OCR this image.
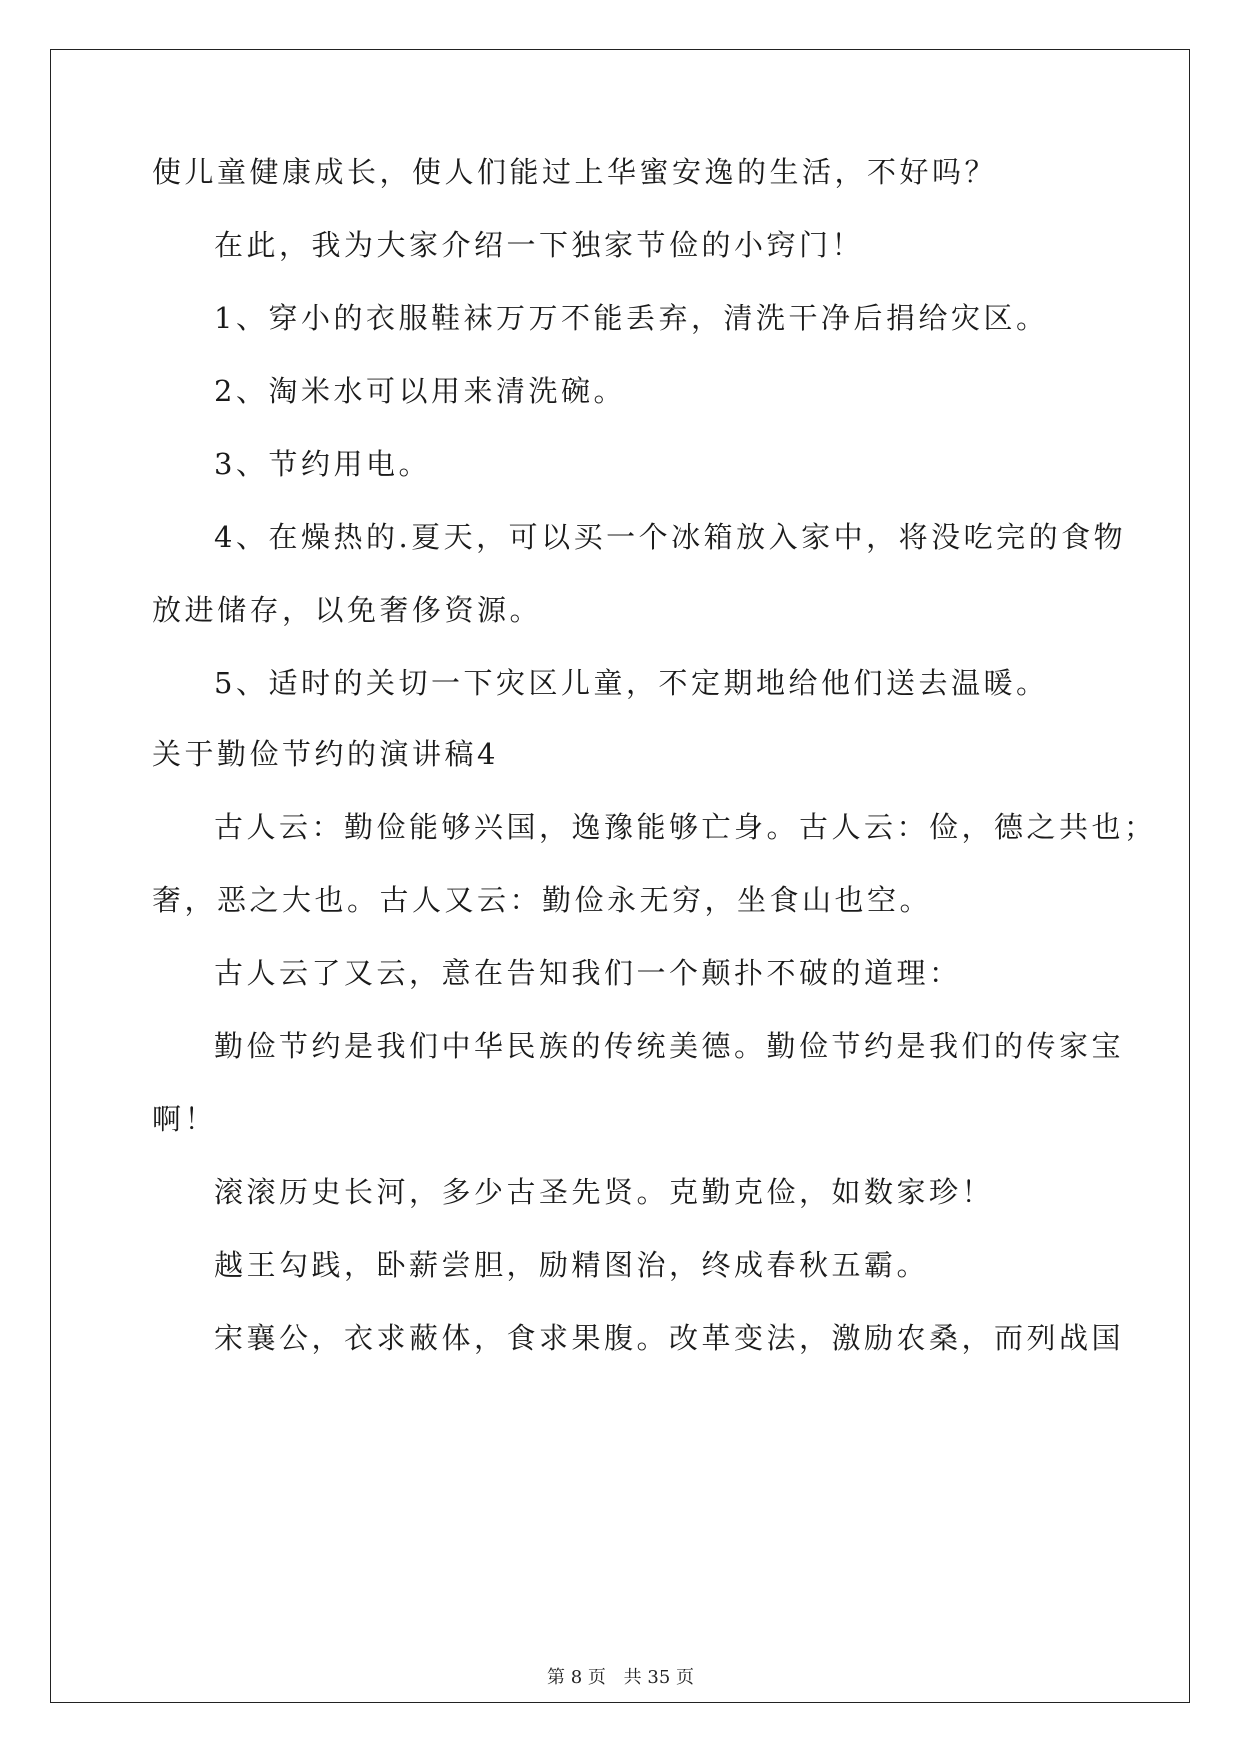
使儿童健康成长，使人们能过上华蜜安逸的生活，不好吗？
在此，我为大家介绍一下独家节俭的小窍门！
1、穿小的衣服鞋袜万万不能丢弃，清洗干净后捐给灾区。
2、淘米水可以用来清洗碗。
3、节约用电。
4、在燥热的.夏天，可以买一个冰箱放入家中，将没吃完的食物
放进储存，以免奢侈资源。
5、适时的关切一下灾区儿童，不定期地给他们送去温暖。
关于勤俭节约的演讲稿4
古人云：勤俭能够兴国，逸豫能够亡身。古人云：俭，德之共也；
奢，恶之大也。古人又云：勤俭永无穷，坐食山也空。
古人云了又云，意在告知我们一个颠扑不破的道理：
勤俭节约是我们中华民族的传统美德。勤俭节约是我们的传家宝
啊！
滚滚历史长河，多少古圣先贤。克勤克俭，如数家珍！
越王勾践，卧薪尝胆，励精图治，终成春秋五霸。
宋襄公，衣求蔽体，食求果腹。改革变法，激励农桑，而列战国
第 8 页 共 35 页
